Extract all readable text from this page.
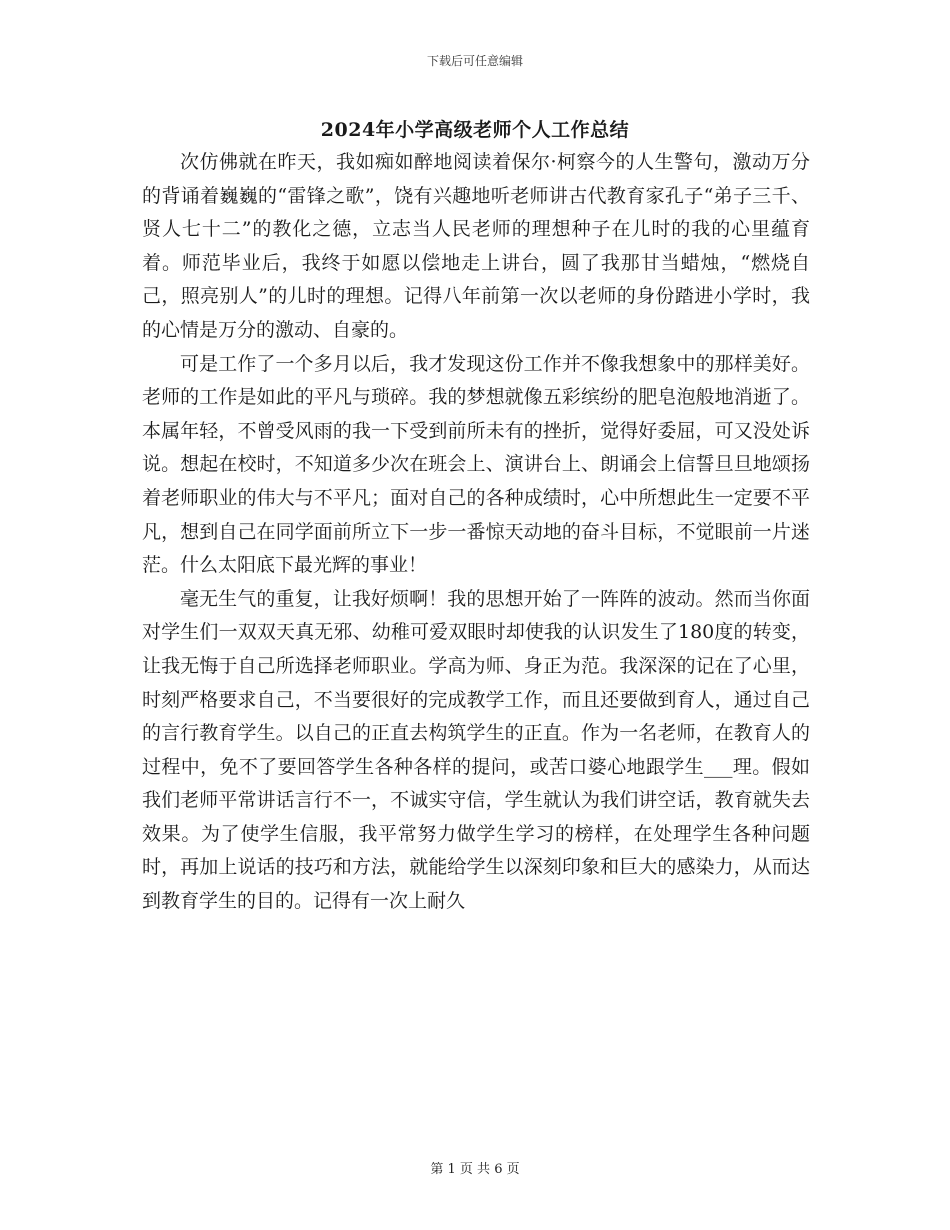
下载后可任意编辑
2024年小学高级老师个人工作总结

次仿佛就在昨天，我如痴如醉地阅读着保尔·柯察今的人生警句，激动万分的背诵着巍巍的“雷锋之歌”，饶有兴趣地听老师讲古代教育家孔子“弟子三千、贤人七十二”的教化之德，立志当人民老师的理想种子在儿时的我的心里蕴育着。师范毕业后，我终于如愿以偿地走上讲台，圆了我那甘当蜡烛，“燃烧自己，照亮别人”的儿时的理想。记得八年前第一次以老师的身份踏进小学时，我的心情是万分的激动、自豪的。

可是工作了一个多月以后，我才发现这份工作并不像我想象中的那样美好。老师的工作是如此的平凡与琐碎。我的梦想就像五彩缤纷的肥皂泡般地消逝了。本属年轻，不曾受风雨的我一下受到前所未有的挫折，觉得好委屈，可又没处诉说。想起在校时，不知道多少次在班会上、演讲台上、朗诵会上信誓旦旦地颂扬着老师职业的伟大与不平凡；面对自己的各种成绩时，心中所想此生一定要不平凡，想到自己在同学面前所立下一步一番惊天动地的奋斗目标，不觉眼前一片迷茫。什么太阳底下最光辉的事业！

毫无生气的重复，让我好烦啊！我的思想开始了一阵阵的波动。然而当你面对学生们一双双天真无邪、幼稚可爱双眼时却使我的认识发生了180度的转变，让我无悔于自己所选择老师职业。学高为师、身正为范。我深深的记在了心里，时刻严格要求自己，不当要很好的完成教学工作，而且还要做到育人，通过自己的言行教育学生。以自己的正直去构筑学生的正直。作为一名老师，在教育人的过程中，免不了要回答学生各种各样的提问，或苦口婆心地跟学生___理。假如我们老师平常讲话言行不一，不诚实守信，学生就认为我们讲空话，教育就失去效果。为了使学生信服，我平常努力做学生学习的榜样，在处理学生各种问题时，再加上说话的技巧和方法，就能给学生以深刻印象和巨大的感染力，从而达到教育学生的目的。记得有一次上耐久

第 1 页 共 6 页
